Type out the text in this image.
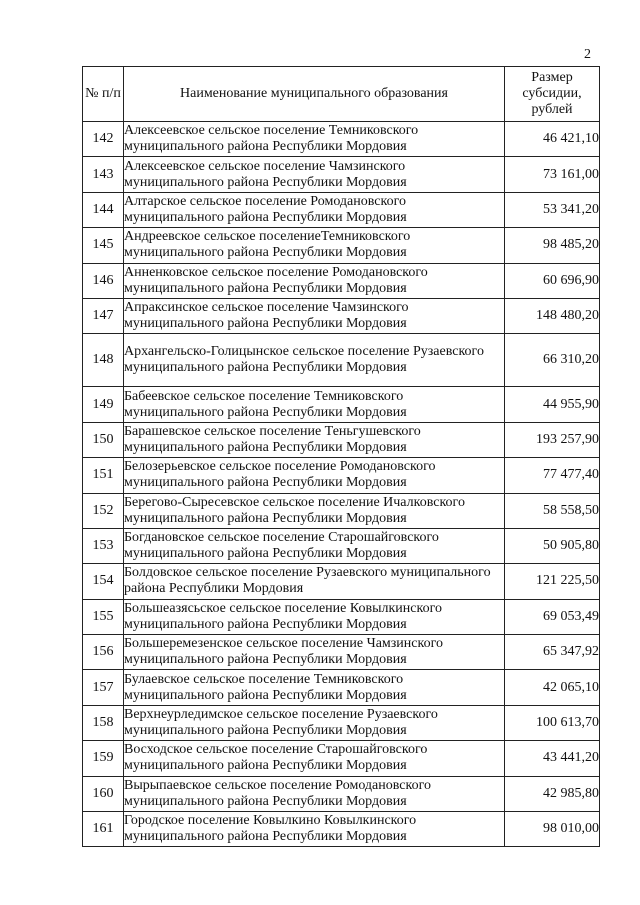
2
№ п/п	Наименование муниципального образования	Размер субсидии, рублей
142	Алексеевское сельское поселение Темниковского муниципального района Республики Мордовия	46 421,10
143	Алексеевское сельское поселение Чамзинского муниципального района Республики Мордовия	73 161,00
144	Алтарское сельское поселение Ромодановского муниципального района Республики Мордовия	53 341,20
145	Андреевское сельское поселениеТемниковского муниципального района Республики Мордовия	98 485,20
146	Анненковское сельское поселение Ромодановского муниципального района Республики Мордовия	60 696,90
147	Апраксинское сельское поселение Чамзинского муниципального района Республики Мордовия	148 480,20
148	Архангельско-Голицынское сельское поселение Рузаевского муниципального района Республики Мордовия	66 310,20
149	Бабеевское сельское поселение Темниковского муниципального района Республики Мордовия	44 955,90
150	Барашевское сельское поселение Теньгушевского муниципального района Республики Мордовия	193 257,90
151	Белозерьевское сельское поселение Ромодановского муниципального района Республики Мордовия	77 477,40
152	Берегово-Сыресевское сельское поселение Ичалковского муниципального района Республики Мордовия	58 558,50
153	Богдановское сельское поселение Старошайговского муниципального района Республики Мордовия	50 905,80
154	Болдовское сельское поселение Рузаевского муниципального района Республики Мордовия	121 225,50
155	Большеазясьское сельское поселение Ковылкинского муниципального района Республики Мордовия	69 053,49
156	Большеремезенское сельское поселение Чамзинского муниципального района Республики Мордовия	65 347,92
157	Булаевское сельское поселение Темниковского муниципального района Республики Мордовия	42 065,10
158	Верхнеурледимское сельское поселение Рузаевского муниципального района Республики Мордовия	100 613,70
159	Восходское сельское поселение Старошайговского муниципального района Республики Мордовия	43 441,20
160	Вырыпаевское сельское поселение Ромодановского муниципального района Республики Мордовия	42 985,80
161	Городское поселение Ковылкино Ковылкинского муниципального района Республики Мордовия	98 010,00
